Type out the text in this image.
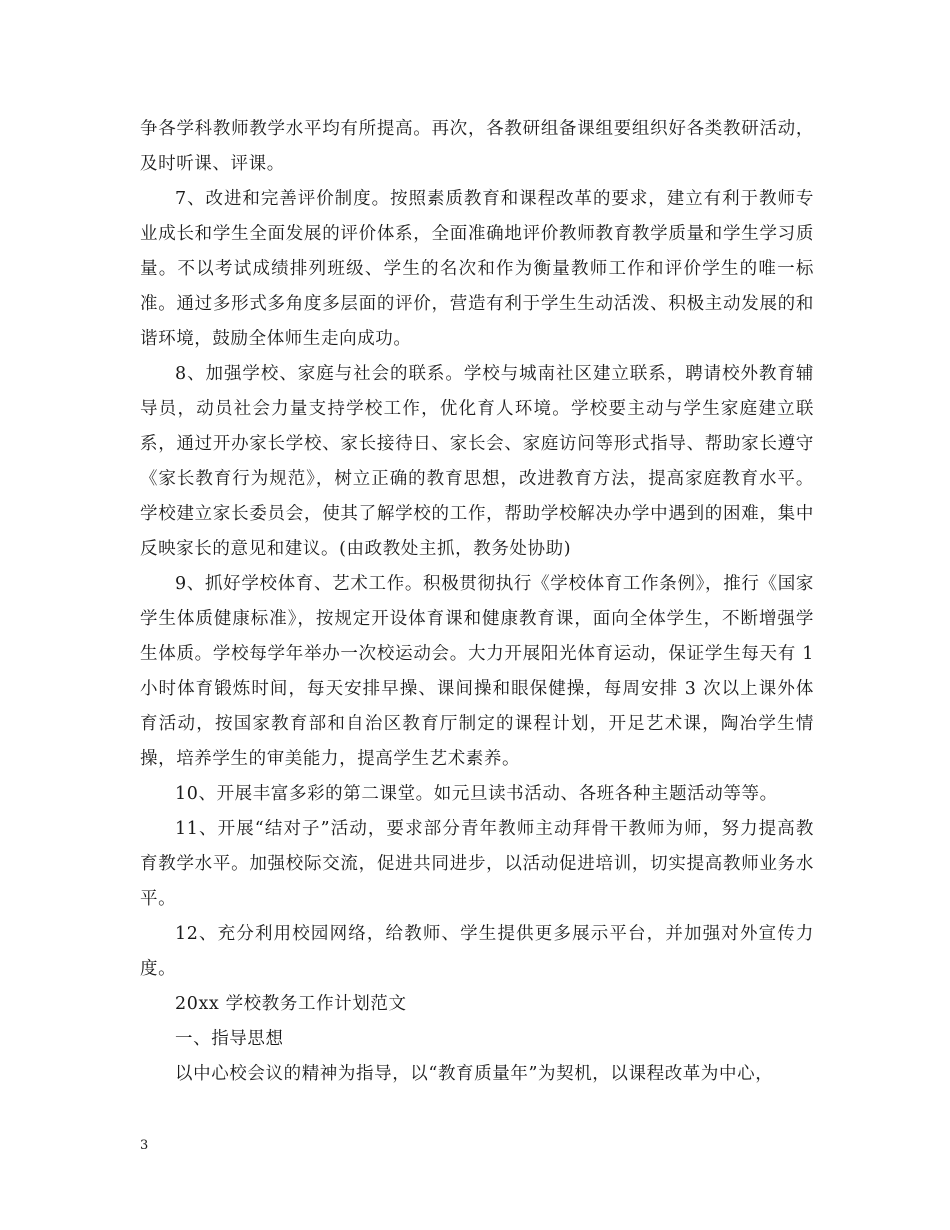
争各学科教师教学水平均有所提高。再次，各教研组备课组要组织好各类教研活动，及时听课、评课。

7、改进和完善评价制度。按照素质教育和课程改革的要求，建立有利于教师专业成长和学生全面发展的评价体系，全面准确地评价教师教育教学质量和学生学习质量。不以考试成绩排列班级、学生的名次和作为衡量教师工作和评价学生的唯一标准。通过多形式多角度多层面的评价，营造有利于学生生动活泼、积极主动发展的和谐环境，鼓励全体师生走向成功。

8、加强学校、家庭与社会的联系。学校与城南社区建立联系，聘请校外教育辅导员，动员社会力量支持学校工作，优化育人环境。学校要主动与学生家庭建立联系，通过开办家长学校、家长接待日、家长会、家庭访问等形式指导、帮助家长遵守《家长教育行为规范》，树立正确的教育思想，改进教育方法，提高家庭教育水平。学校建立家长委员会，使其了解学校的工作，帮助学校解决办学中遇到的困难，集中反映家长的意见和建议。(由政教处主抓，教务处协助)

9、抓好学校体育、艺术工作。积极贯彻执行《学校体育工作条例》，推行《国家学生体质健康标准》，按规定开设体育课和健康教育课，面向全体学生，不断增强学生体质。学校每学年举办一次校运动会。大力开展阳光体育运动，保证学生每天有 1 小时体育锻炼时间，每天安排早操、课间操和眼保健操，每周安排 3 次以上课外体育活动，按国家教育部和自治区教育厅制定的课程计划，开足艺术课，陶冶学生情操，培养学生的审美能力，提高学生艺术素养。

10、开展丰富多彩的第二课堂。如元旦读书活动、各班各种主题活动等等。

11、开展“结对子”活动，要求部分青年教师主动拜骨干教师为师，努力提高教育教学水平。加强校际交流，促进共同进步，以活动促进培训，切实提高教师业务水平。

12、充分利用校园网络，给教师、学生提供更多展示平台，并加强对外宣传力度。

20xx 学校教务工作计划范文

一、指导思想

以中心校会议的精神为指导，以“教育质量年”为契机，以课程改革为中心，

3
